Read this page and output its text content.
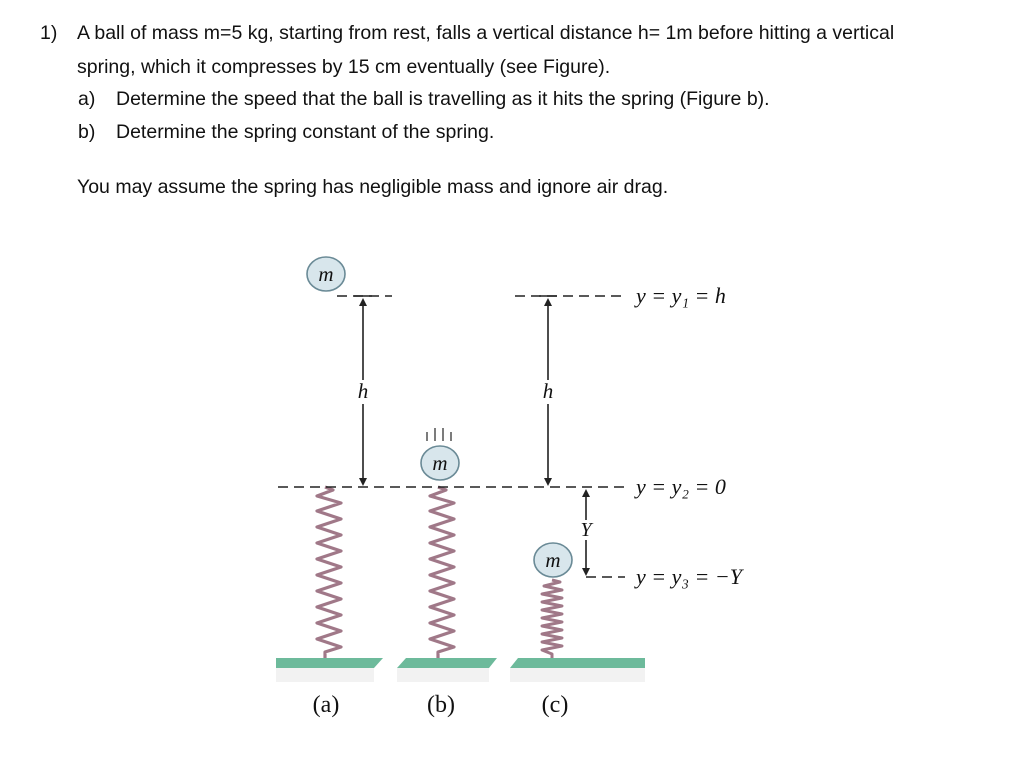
1) A ball of mass m=5 kg, starting from rest, falls a vertical distance h= 1m before hitting a vertical
spring, which it compresses by 15 cm eventually (see Figure).
a) Determine the speed that the ball is travelling as it hits the spring (Figure b).
b) Determine the spring constant of the spring.
You may assume the spring has negligible mass and ignore air drag.
m
m
m
h	h
Y
y = y₁ = h
y = y₂ = 0
y = y₃ = −Y
(a)	(b)	(c)
